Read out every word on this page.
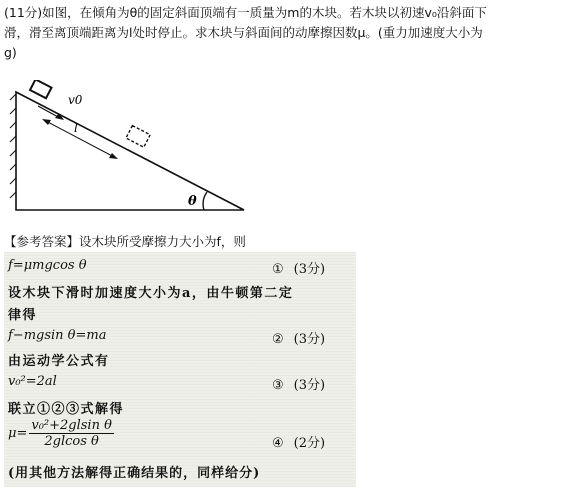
(11分)如图，在倾角为θ的固定斜面顶端有一质量为m的木块。若木块以初速v₀沿斜面下
滑，滑至离顶端距离为l处时停止。求木块与斜面间的动摩擦因数μ。(重力加速度大小为
g)
v0
l
θ
【参考答案】设木块所受摩擦力大小为f，则
f=μmgcos θ	① (3分)
设木块下滑时加速度大小为a，由牛顿第二定
律得
f−mgsin θ=ma	② (3分)
由运动学公式有
v₀²=2al	③ (3分)
联立①②③式解得
$\mu= \frac{\text{v₀²+2glsin θ}}{\text{2glcos θ}}$	④ (2分)
(用其他方法解得正确结果的，同样给分)
